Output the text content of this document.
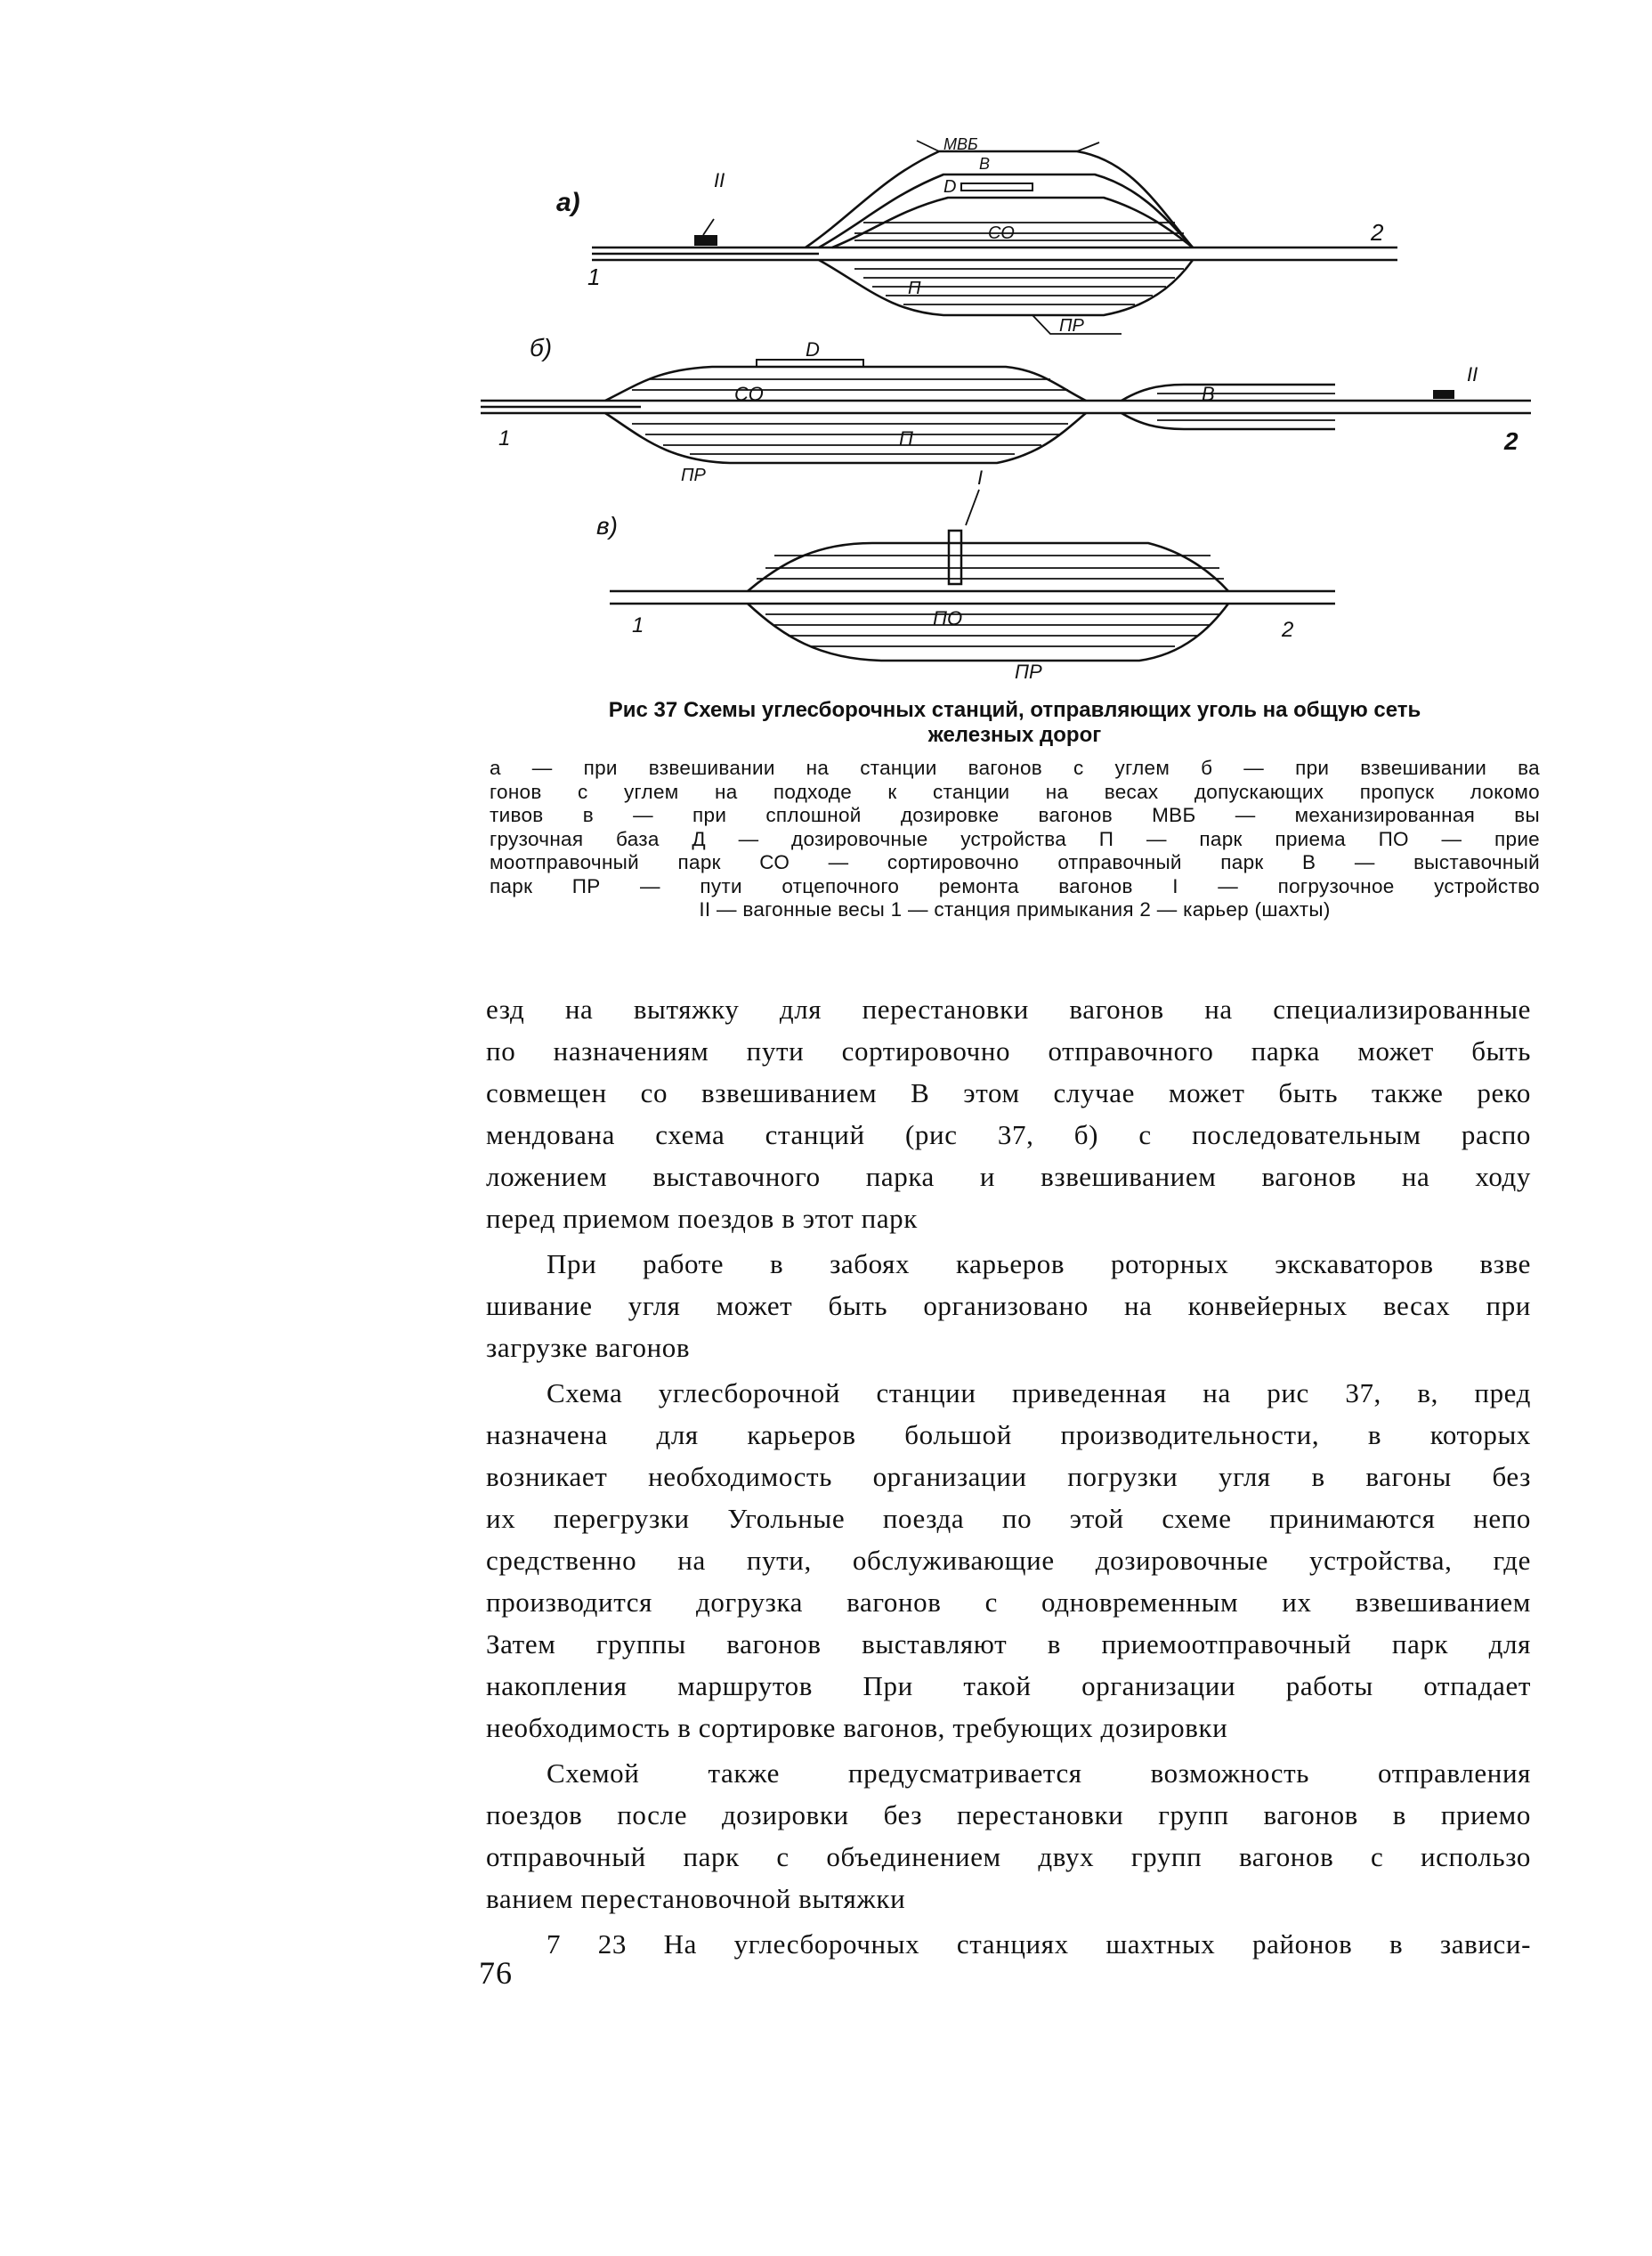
а)
1
2
II
МВБ
В
D
СО
П
ПР
б)
1	2
II
D
СО
П
В
ПР
в)
1	2
I
ПО
ПР

Рис 37 Схемы углесборочных станций, отправляющих уголь на общую сеть
железных дорог

а — при взвешивании на станции вагонов с углем б — при взвешивании ва
гонов с углем на подходе к станции на весах допускающих пропуск локомо
тивов в — при сплошной дозировке вагонов МВБ — механизированная вы
грузочная база Д — дозировочные устройства П — парк приема ПО — прие
моотправочный парк СО — сортировочно отправочный парк В — выставочный
парк ПР — пути отцепочного ремонта вагонов I — погрузочное устройство
II — вагонные весы 1 — станция примыкания 2 — карьер (шахты)

езд на вытяжку для перестановки вагонов на специализированные
по назначениям пути сортировочно отправочного парка может быть
совмещен со взвешиванием В этом случае может быть также реко
мендована схема станций (рис 37, б) с последовательным распо
ложением выставочного парка и взвешиванием вагонов на ходу
перед приемом поездов в этот парк

При работе в забоях карьеров роторных экскаваторов взве
шивание угля может быть организовано на конвейерных весах при
загрузке вагонов

Схема углесборочной станции приведенная на рис 37, в, пред
назначена для карьеров большой производительности, в которых
возникает необходимость организации погрузки угля в вагоны без
их перегрузки Угольные поезда по этой схеме принимаются непо
средственно на пути, обслуживающие дозировочные устройства, где
производится догрузка вагонов с одновременным их взвешиванием
Затем группы вагонов выставляют в приемоотправочный парк для
накопления маршрутов При такой организации работы отпадает
необходимость в сортировке вагонов, требующих дозировки

Схемой также предусматривается возможность отправления
поездов после дозировки без перестановки групп вагонов в приемо
отправочный парк с объединением двух групп вагонов с использо
ванием перестановочной вытяжки

7 23 На углесборочных станциях шахтных районов в зависи-

76
